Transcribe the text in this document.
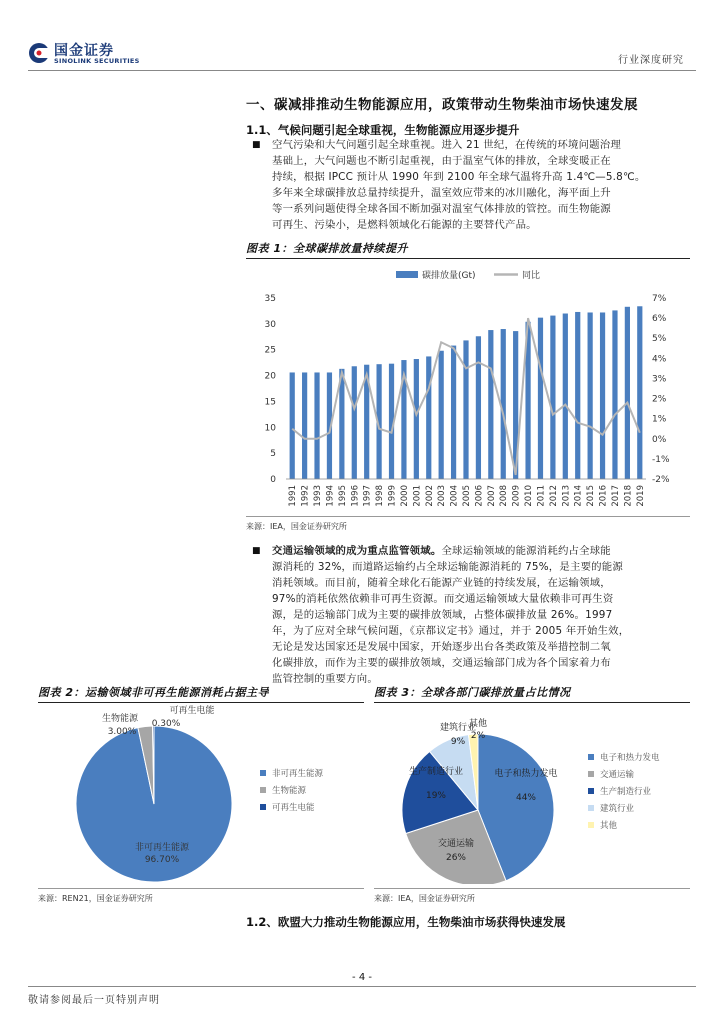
国金证券
SINOLINK SECURITIES	行业深度研究
一、碳减排推动生物能源应用，政策带动生物柴油市场快速发展
1.1、气候问题引起全球重视，生物能源应用逐步提升
■ 空气污染和大气问题引起全球重视。进入 21 世纪，在传统的环境问题治理
基础上，大气问题也不断引起重视，由于温室气体的排放，全球变暖正在
持续，根据 IPCC 预计从 1990 年到 2100 年全球气温将升高 1.4℃—5.8℃。
多年来全球碳排放总量持续提升，温室效应带来的冰川融化，海平面上升
等一系列问题使得全球各国不断加强对温室气体排放的管控。而生物能源
可再生、污染小，是燃料领域化石能源的主要替代产品。
图表 1：全球碳排放量持续提升
碳排放量(Gt)	同比
0
5
10
15
20
25
30
35
-2%
-1%
0%
1%
2%
3%
4%
5%
6%
7%
1991 1992 1993 1994 1995 1996 1997 1998 1999 2000 2001 2002 2003 2004 2005 2006 2007 2008 2009 2010 2011 2012 2013 2014 2015 2016 2017 2018 2019
来源：IEA，国金证券研究所
■ 交通运输领域的成为重点监管领域。全球运输领域的能源消耗约占全球能
源消耗的 32%，而道路运输约占全球运输能源消耗的 75%，是主要的能源
消耗领域。而目前，随着全球化石能源产业链的持续发展，在运输领域，
97%的消耗依然依赖非可再生资源。而交通运输领域大量依赖非可再生资
源，是的运输部门成为主要的碳排放领域，占整体碳排放量 26%。1997
年，为了应对全球气候问题，《京都议定书》通过，并于 2005 年开始生效，
无论是发达国家还是发展中国家，开始逐步出台各类政策及举措控制二氧
化碳排放，而作为主要的碳排放领域，交通运输部门成为各个国家着力布
监管控制的重要方向。
图表 2：运输领域非可再生能源消耗占据主导
非可再生能源
96.70%
生物能源
3.00%
可再生电能
0.30%
非可再生能源
生物能源
可再生电能
来源：REN21，国金证券研究所
图表 3：全球各部门碳排放量占比情况
电子和热力发电
44%
交通运输
26%
生产制造行业
19%
建筑行业
9%
其他
2%
电子和热力发电
交通运输
生产制造行业
建筑行业
其他
来源：IEA，国金证券研究所
1.2、欧盟大力推动生物能源应用，生物柴油市场获得快速发展
- 4 -
敬请参阅最后一页特别声明
